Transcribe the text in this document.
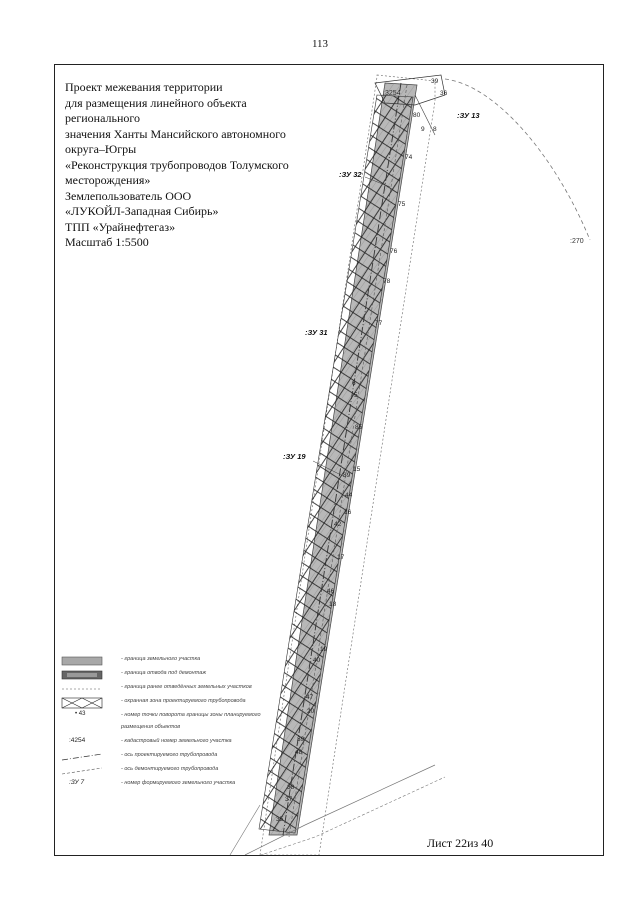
113
Проект межевания территории
для размещения линейного объекта
регионального
значения Ханты Мансийского автономного
округа–Югры
«Реконструкция трубопроводов Толумского
месторождения»
Землепользователь ООО
«ЛУКОЙЛ-Западная Сибирь»
ТПП «Урайнефтегаз»
Масштаб 1:5500
:ЗУ 13
:ЗУ 32
:ЗУ 31
:ЗУ 19
:3254
:270
39
36
80
9 8
74
75
76
78
77
6
5
85
15
89
44
16
42
17
46
18
19
40
47
20
39
48
38
37
35
- граница земельного участка
- граница отвода под демонтаж
- граница ранее отведённых земельных участков
- охранная зона проектируемого трубопровода
• 43	- номер точки поворота границы зоны планируемого
размещения объектов
:4254	- кадастровый номер земельного участка
- ось проектируемого трубопровода
- ось демонтируемого трубопровода
:ЗУ 7	- номер формируемого земельного участка
Лист 22из 40
